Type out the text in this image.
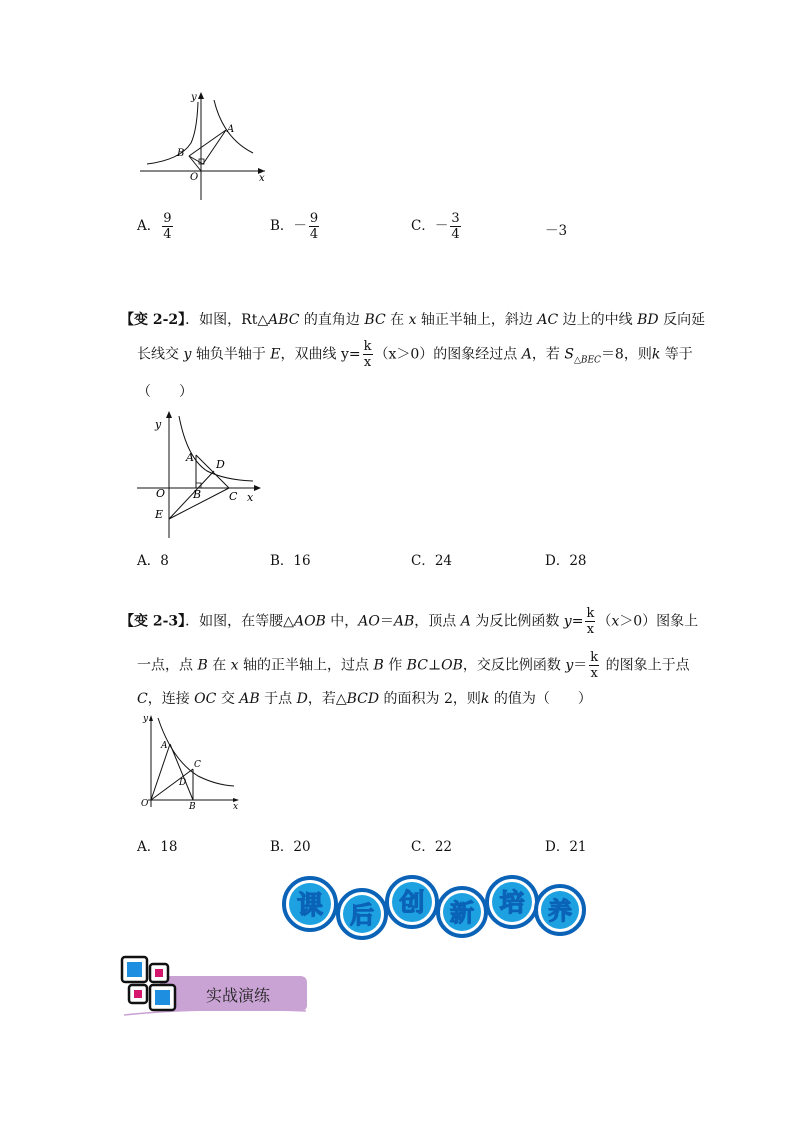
y
x
A
B
O
A． $\frac{9}{4}$	B．－ $\frac{9}{4}$	C．－ $\frac{3}{4}$	－3
【变 2-2】．如图，Rt△ABC 的直角边 BC 在 x 轴正半轴上，斜边 AC 边上的中线 BD 反向延
长线交 y 轴负半轴于 E，双曲线 $y= \frac{k}{x} (x>0)$的图象经过点 A，若 $S_{\triangle BEC}=8$，则k 等于
（　　）
y
x
A
D
B	C
O
E
A．8	B．16	C．24	D．28
【变 2-3】．如图，在等腰△AOB 中，AO＝AB，顶点 A 为反比例函数 $y= \frac{k}{x} (x>0)$图象上
一点，点 B 在 x 轴的正半轴上，过点 B 作 BC⊥OB，交反比例函数 $y= \frac{k}{x}$ 的图象上于点
C，连接 OC 交 AB 于点 D，若△BCD 的面积为 2，则k 的值为（　　）
y
x
A
C
D
O	B
A．18	B．20	C．22	D．21
课 后 创 新 培 养
实战演练
